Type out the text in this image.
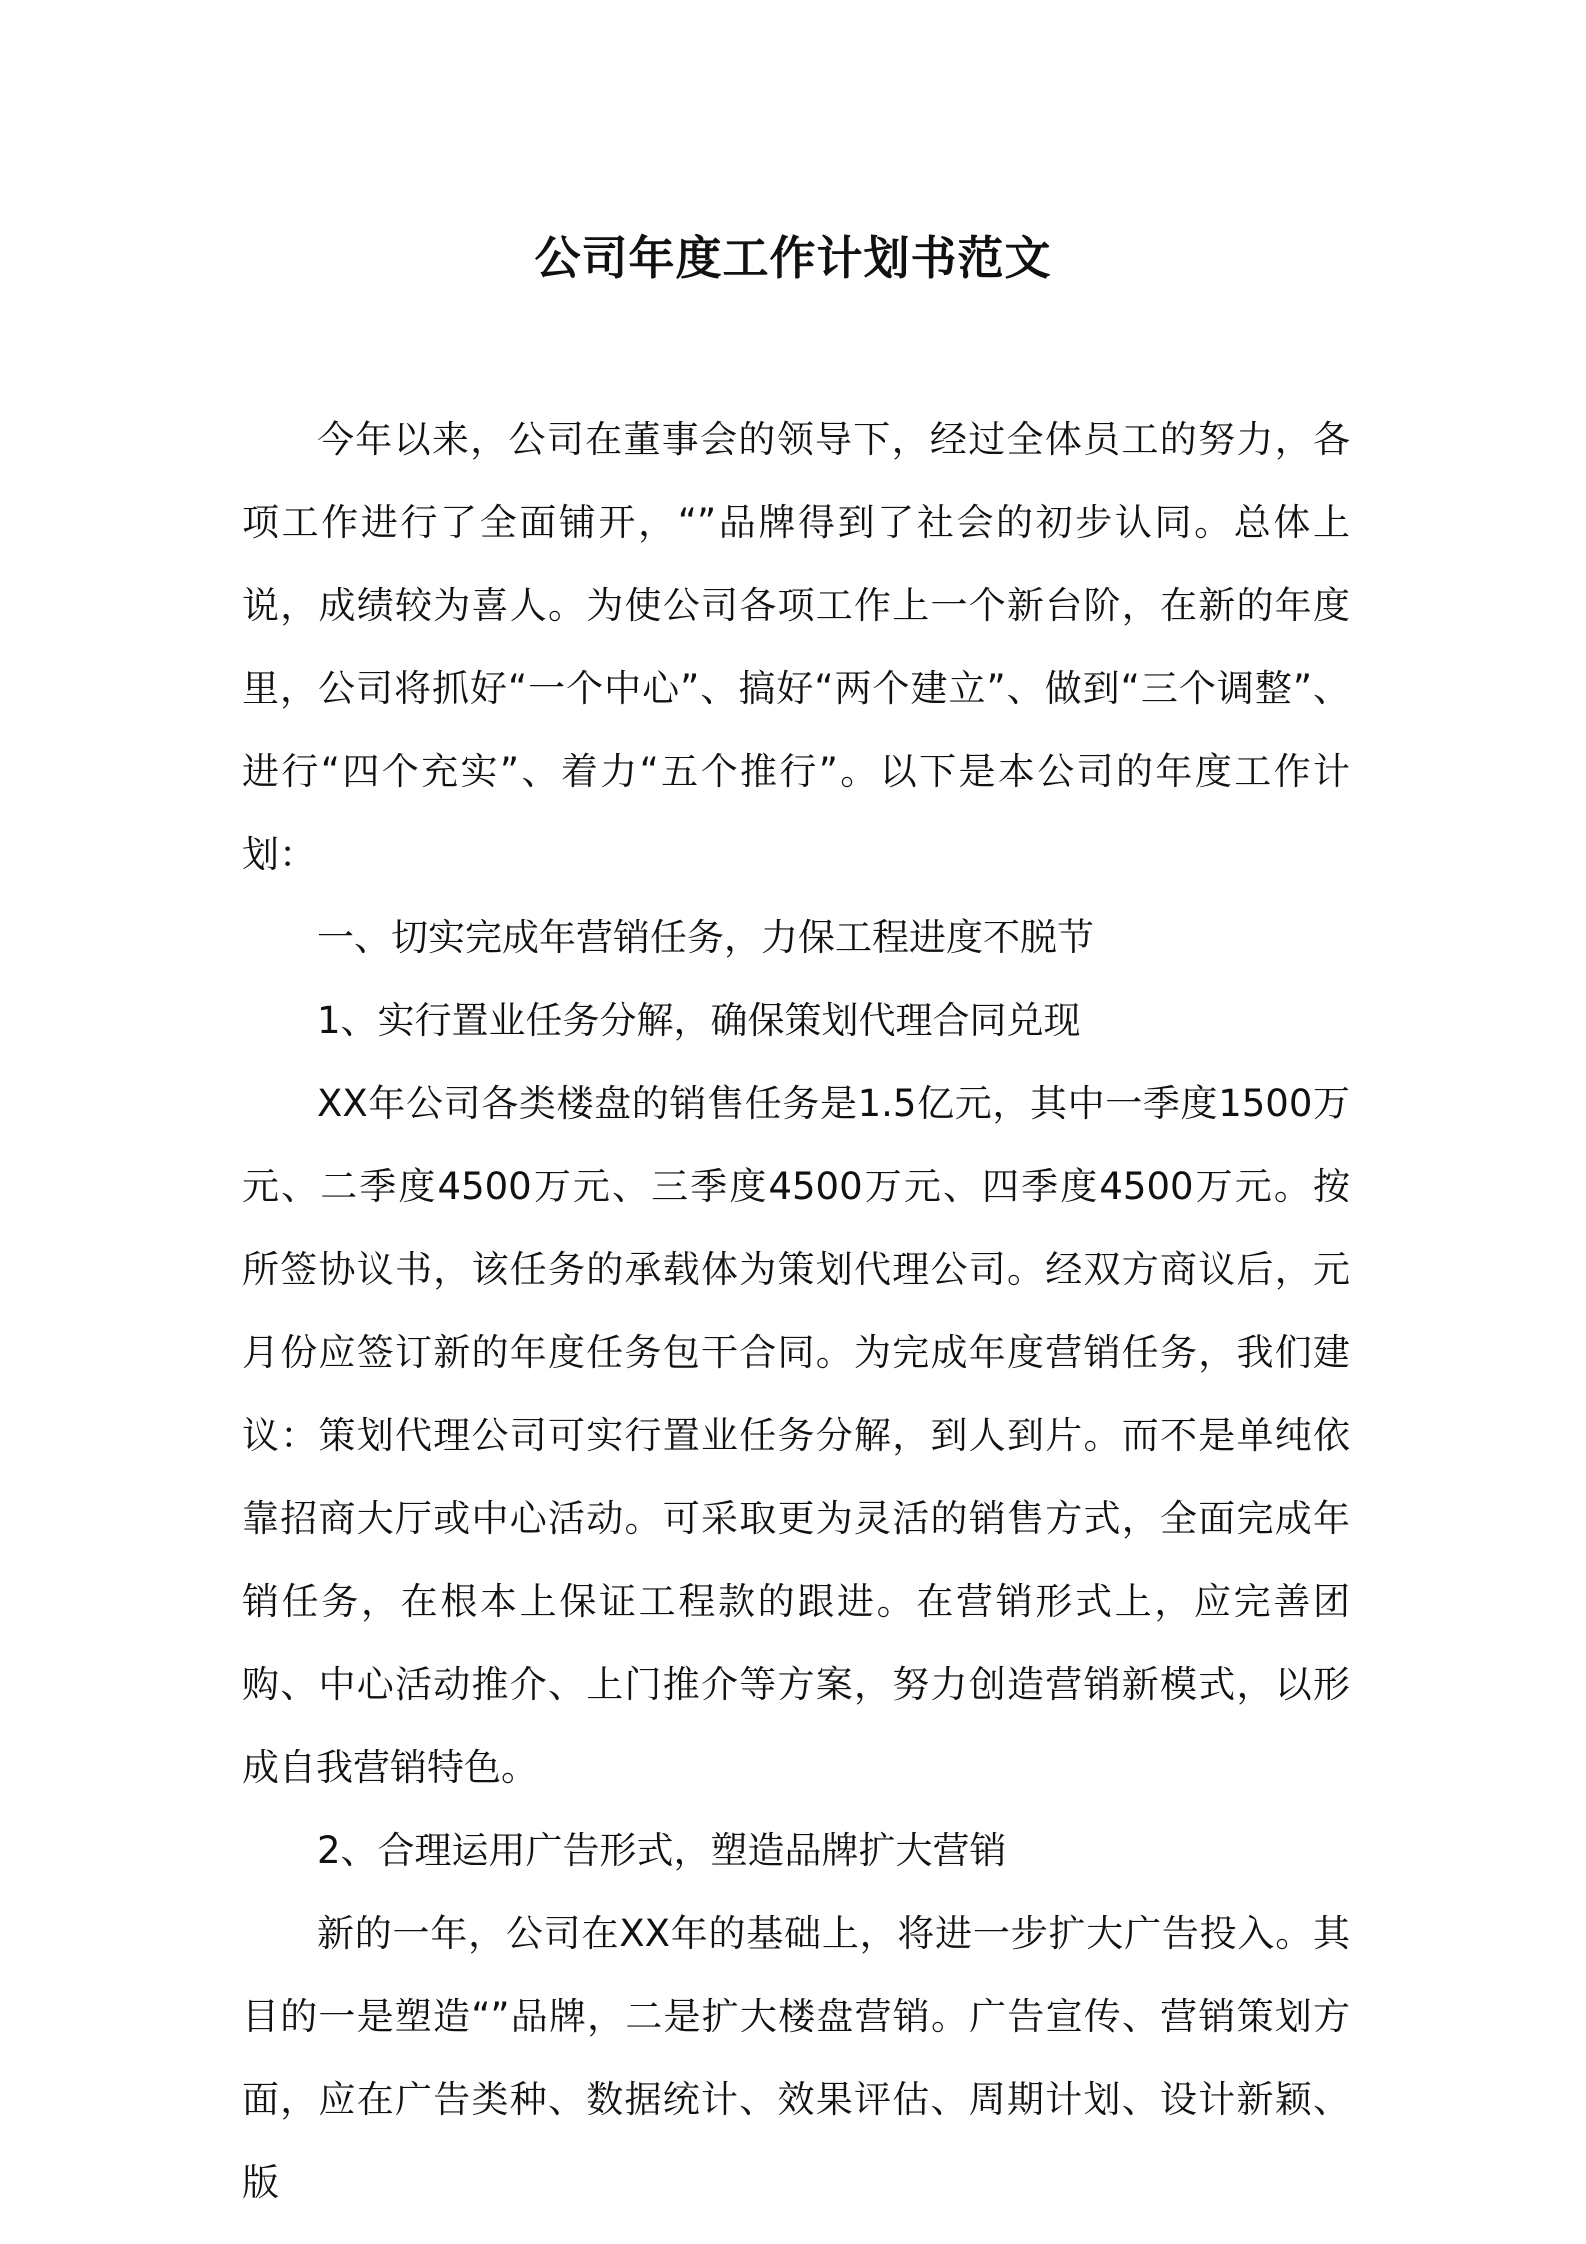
公司年度工作计划书范文

今年以来，公司在董事会的领导下，经过全体员工的努力，各项工作进行了全面铺开，“”品牌得到了社会的初步认同。总体上说，成绩较为喜人。为使公司各项工作上一个新台阶，在新的年度里，公司将抓好“一个中心”、搞好“两个建立”、做到“三个调整”、进行“四个充实”、着力“五个推行”。以下是本公司的年度工作计划：

一、切实完成年营销任务，力保工程进度不脱节

1、实行置业任务分解，确保策划代理合同兑现

XX年公司各类楼盘的销售任务是1.5亿元，其中一季度1500万元、二季度4500万元、三季度4500万元、四季度4500万元。按 所签协议书，该任务的承载体为策划代理公司。经双方商议后，元月份应签订新的年度任务包干合同。为完成年度营销任务，我们建议：策划代理公司可实行置业任务分解，到人到片。而不是单纯依靠招商大厅或中心活动。可采取更为灵活的销售方式，全面完成年销任务，在根本上保证工程款的跟进。在营销形式上，应完善团购、中心活动推介、上门推介等方案，努力创造营销新模式，以形成自我营销特色。

2、合理运用广告形式，塑造品牌扩大营销

新的一年，公司在XX年的基础上，将进一步扩大广告投入。其目的一是塑造“”品牌，二是扩大楼盘营销。广告宣传、营销策划方面，应在广告类种、数据统计、效果评估、周期计划、设计新颖、版
